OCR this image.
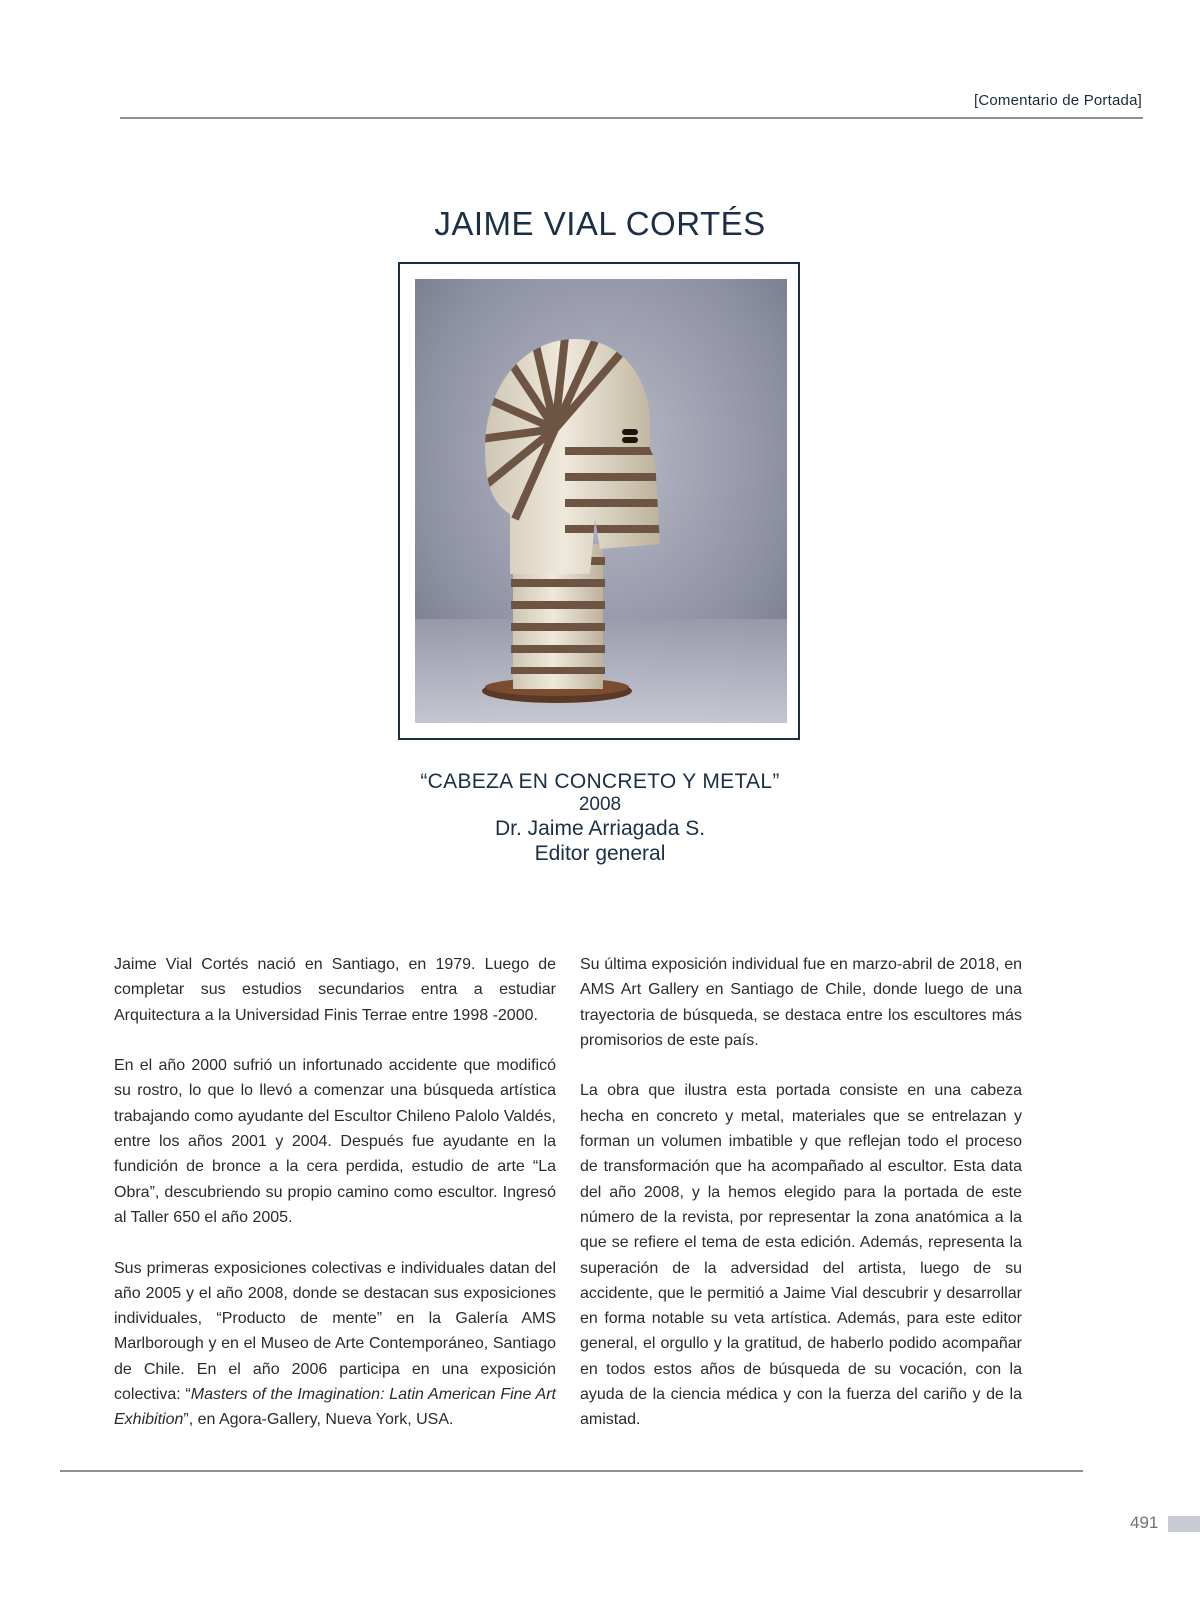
[Comentario de Portada]
JAIME VIAL CORTÉS
“CABEZA EN CONCRETO Y METAL”
2008
Dr. Jaime Arriagada S.
Editor general

Jaime Vial Cortés nació en Santiago, en 1979. Luego de completar sus estudios secundarios entra a estudiar Arquitectura a la Universidad Finis Terrae entre 1998 -2000.

En el año 2000 sufrió un infortunado accidente que modificó su rostro, lo que lo llevó a comenzar una búsqueda artística trabajando como ayudante del Escultor Chileno Palolo Valdés, entre los años 2001 y 2004. Después fue ayudante en la fundición de bronce a la cera perdida, estudio de arte “La Obra”, descubriendo su propio camino como escultor. Ingresó al Taller 650 el año 2005.

Sus primeras exposiciones colectivas e individuales datan del año 2005 y el año 2008, donde se destacan sus exposiciones individuales, “Producto de mente” en la Galería AMS Marlborough y en el Museo de Arte Contemporáneo, Santiago de Chile. En el año 2006 participa en una exposición colectiva: “Masters of the Imagination: Latin American Fine Art Exhibition”, en Agora-Gallery, Nueva York, USA.

Su última exposición individual fue en marzo-abril de 2018, en AMS Art Gallery en Santiago de Chile, donde luego de una trayectoria de búsqueda, se destaca entre los escultores más promisorios de este país.

La obra que ilustra esta portada consiste en una cabeza hecha en concreto y metal, materiales que se entrelazan y forman un volumen imbatible y que reflejan todo el proceso de transformación que ha acompañado al escultor. Esta data del año 2008, y la hemos elegido para la portada de este número de la revista, por representar la zona anatómica a la que se refiere el tema de esta edición. Además, representa la superación de la adversidad del artista, luego de su accidente, que le permitió a Jaime Vial descubrir y desarrollar en forma notable su veta artística. Además, para este editor general, el orgullo y la gratitud, de haberlo podido acompañar en todos estos años de búsqueda de su vocación, con la ayuda de la ciencia médica y con la fuerza del cariño y de la amistad.

491
